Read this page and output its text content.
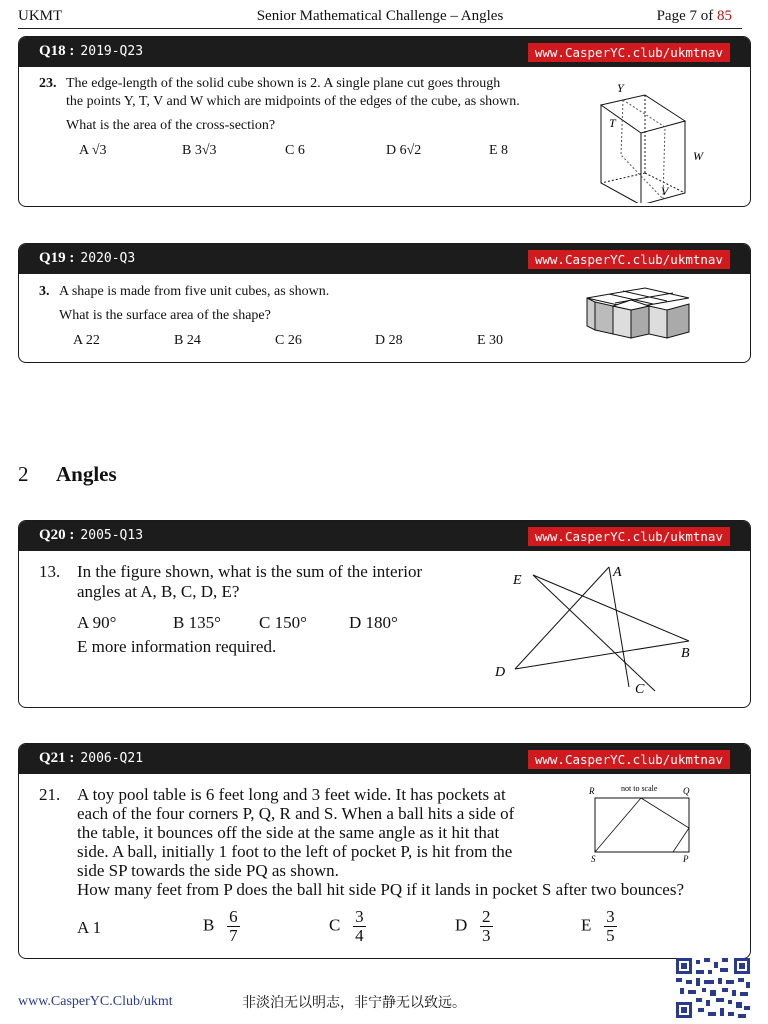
UKMT	Senior Mathematical Challenge – Angles	Page 7 of 85
Q18 : 2019-Q23	www.CasperYC.club/ukmtnav
23. The edge-length of the solid cube shown is 2. A single plane cut goes through
the points Y, T, V and W which are midpoints of the edges of the cube, as shown.
What is the area of the cross-section?
A √3	B 3√3	C 6	D 6√2	E 8
Y
T
W
V
Q19 : 2020-Q3	www.CasperYC.club/ukmtnav
3. A shape is made from five unit cubes, as shown.
What is the surface area of the shape?
A 22	B 24	C 26	D 28	E 30
2 Angles
Q20 : 2005-Q13	www.CasperYC.club/ukmtnav
13. In the figure shown, what is the sum of the interior
angles at A, B, C, D, E?
A 90°	B 135° C 150° D 180°
E more information required.
E
A
B
D
C
Q21 : 2006-Q21	www.CasperYC.club/ukmtnav
21. A toy pool table is 6 feet long and 3 feet wide. It has pockets at
each of the four corners P, Q, R and S. When a ball hits a side of
the table, it bounces off the side at the same angle as it hit that
side. A ball, initially 1 foot to the left of pocket P, is hit from the
side SP towards the side PQ as shown.
How many feet from P does the ball hit side PQ if it lands in pocket S after two bounces?
A 1	B $\frac{6}{7}$	C $\frac{3}{4}$	D $\frac{2}{3}$	E $\frac{3}{5}$
not to scale
R	Q
S	P
www.CasperYC.Club/ukmt	非淡泊无以明志，非宁静无以致远。
